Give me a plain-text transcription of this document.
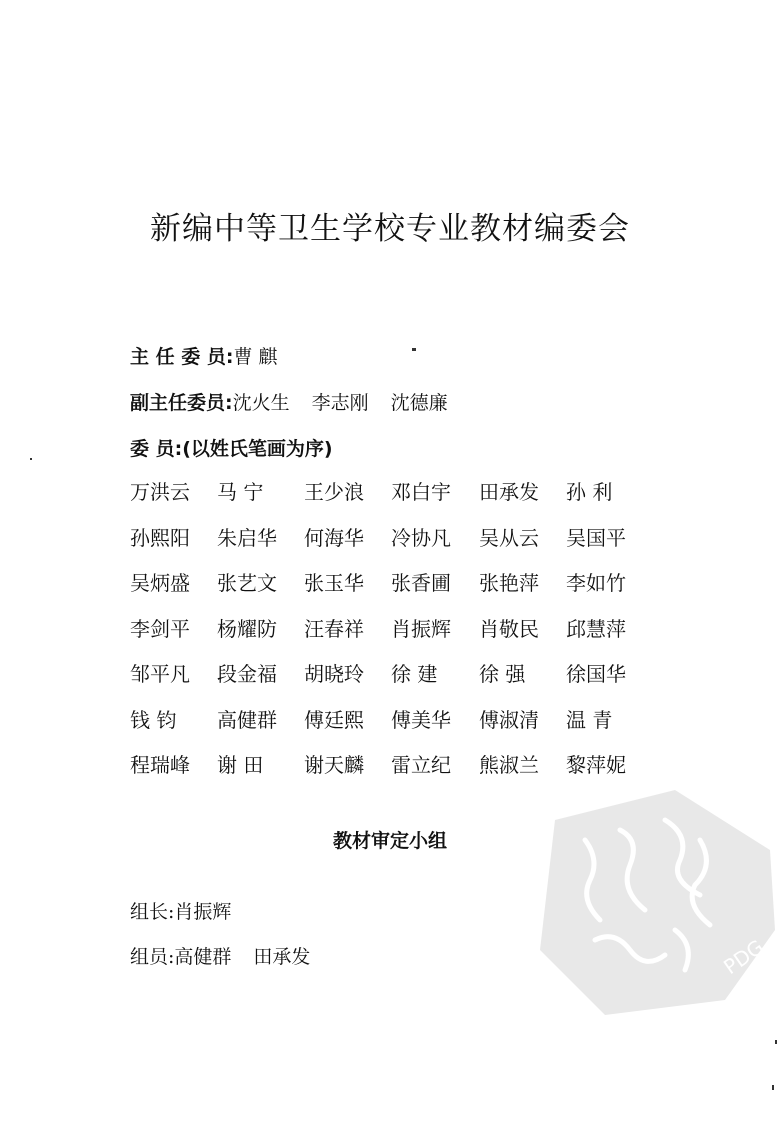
新编中等卫生学校专业教材编委会
主 任 委 员:曹 麒
副主任委员:沈火生 李志刚 沈德廉
委 员:(以姓氏笔画为序)
万洪云	马 宁	王少浪	邓白宇	田承发	孙 利
孙熙阳	朱启华	何海华	冷协凡	吴从云	吴国平
吴炳盛	张艺文	张玉华	张香圃	张艳萍	李如竹
李剑平	杨耀防	汪春祥	肖振辉	肖敬民	邱慧萍
邹平凡	段金福	胡晓玲	徐 建	徐 强	徐国华
钱 钧	高健群	傅廷熙	傅美华	傅淑清	温 青
程瑞峰	谢 田	谢天麟	雷立纪	熊淑兰	黎萍妮
教材审定小组
组长:肖振辉
组员:高健群 田承发	PDG
